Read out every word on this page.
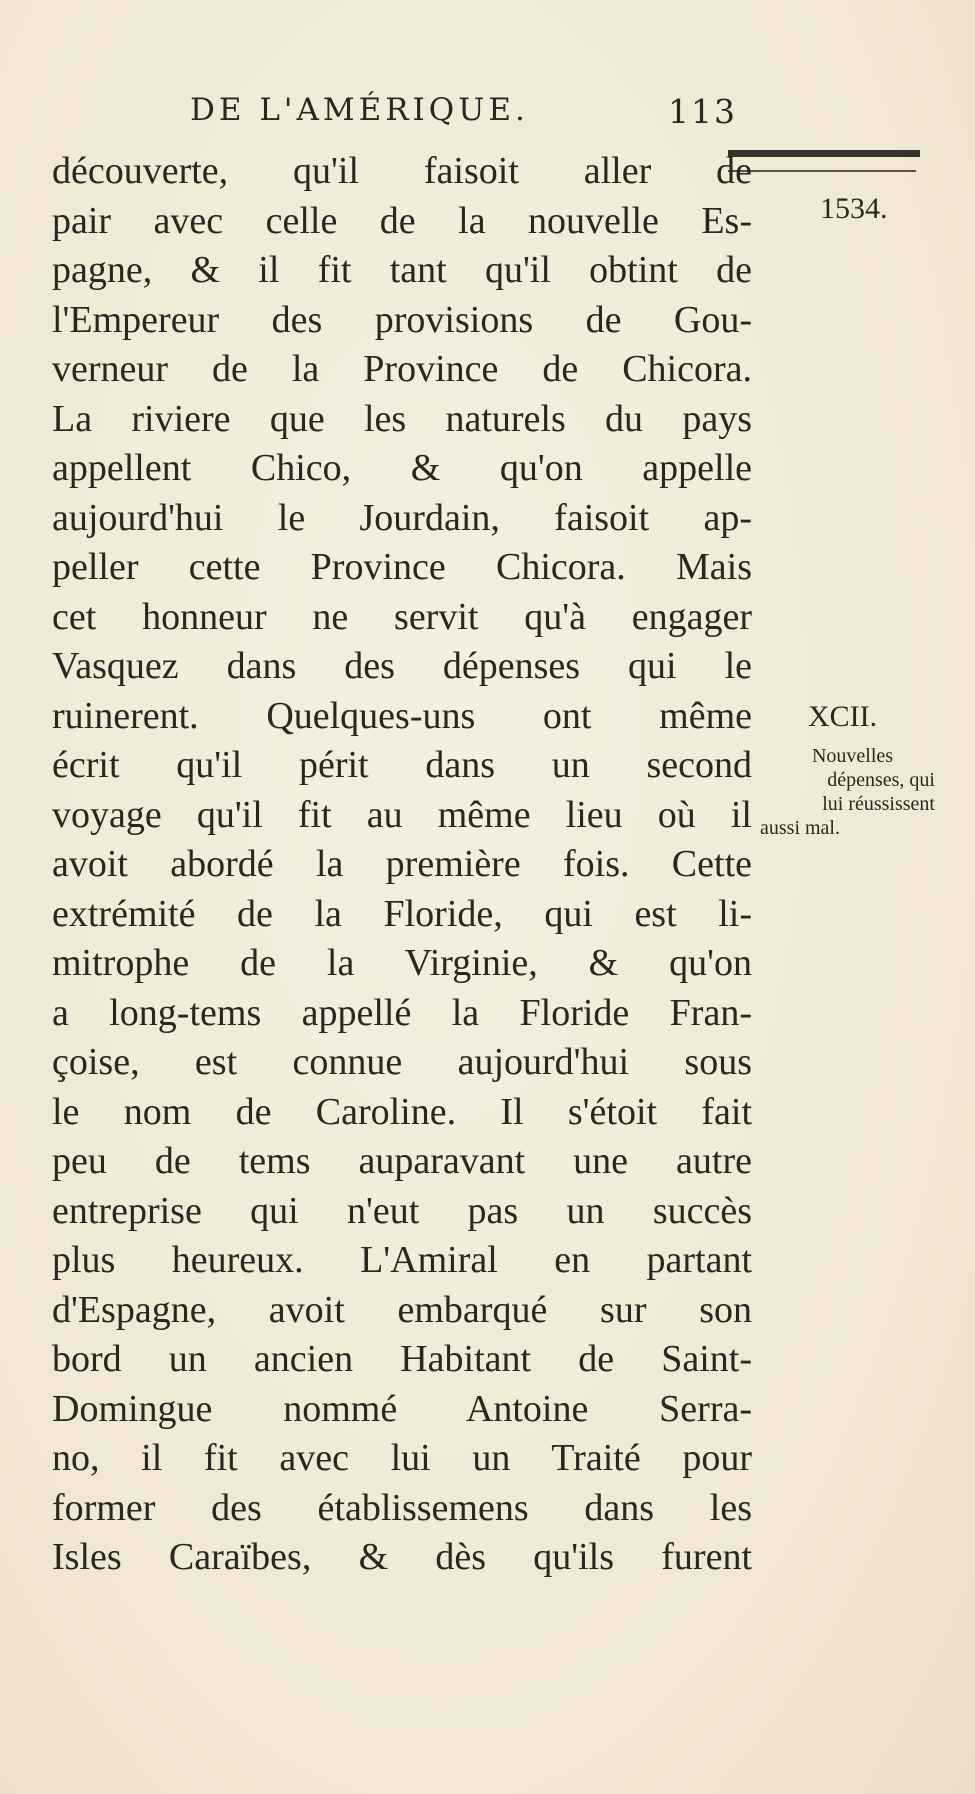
DE L'AMÉRIQUE.	113
1534.
découverte, qu'il faisoit aller de
pair avec celle de la nouvelle Es-
pagne, & il fit tant qu'il obtint de
l'Empereur des provisions de Gou-
verneur de la Province de Chicora.
La riviere que les naturels du pays
appellent Chico, & qu'on appelle
aujourd'hui le Jourdain, faisoit ap-
peller cette Province Chicora. Mais
cet honneur ne servit qu'à engager
Vasquez dans des dépenses qui le
ruinerent. Quelques-uns ont même
écrit qu'il périt dans un second
voyage qu'il fit au même lieu où il
avoit abordé la première fois. Cette
extrémité de la Floride, qui est li-
mitrophe de la Virginie, & qu'on
a long-tems appellé la Floride Fran-
çoise, est connue aujourd'hui sous
le nom de Caroline. Il s'étoit fait
peu de tems auparavant une autre
entreprise qui n'eut pas un succès
plus heureux. L'Amiral en partant
d'Espagne, avoit embarqué sur son
bord un ancien Habitant de Saint-
Domingue nommé Antoine Serra-
no, il fit avec lui un Traité pour
former des établissemens dans les
Isles Caraïbes, & dès qu'ils furent
XCII.
Nouvelles
dépenses, qui
lui réussissent
aussi mal.
